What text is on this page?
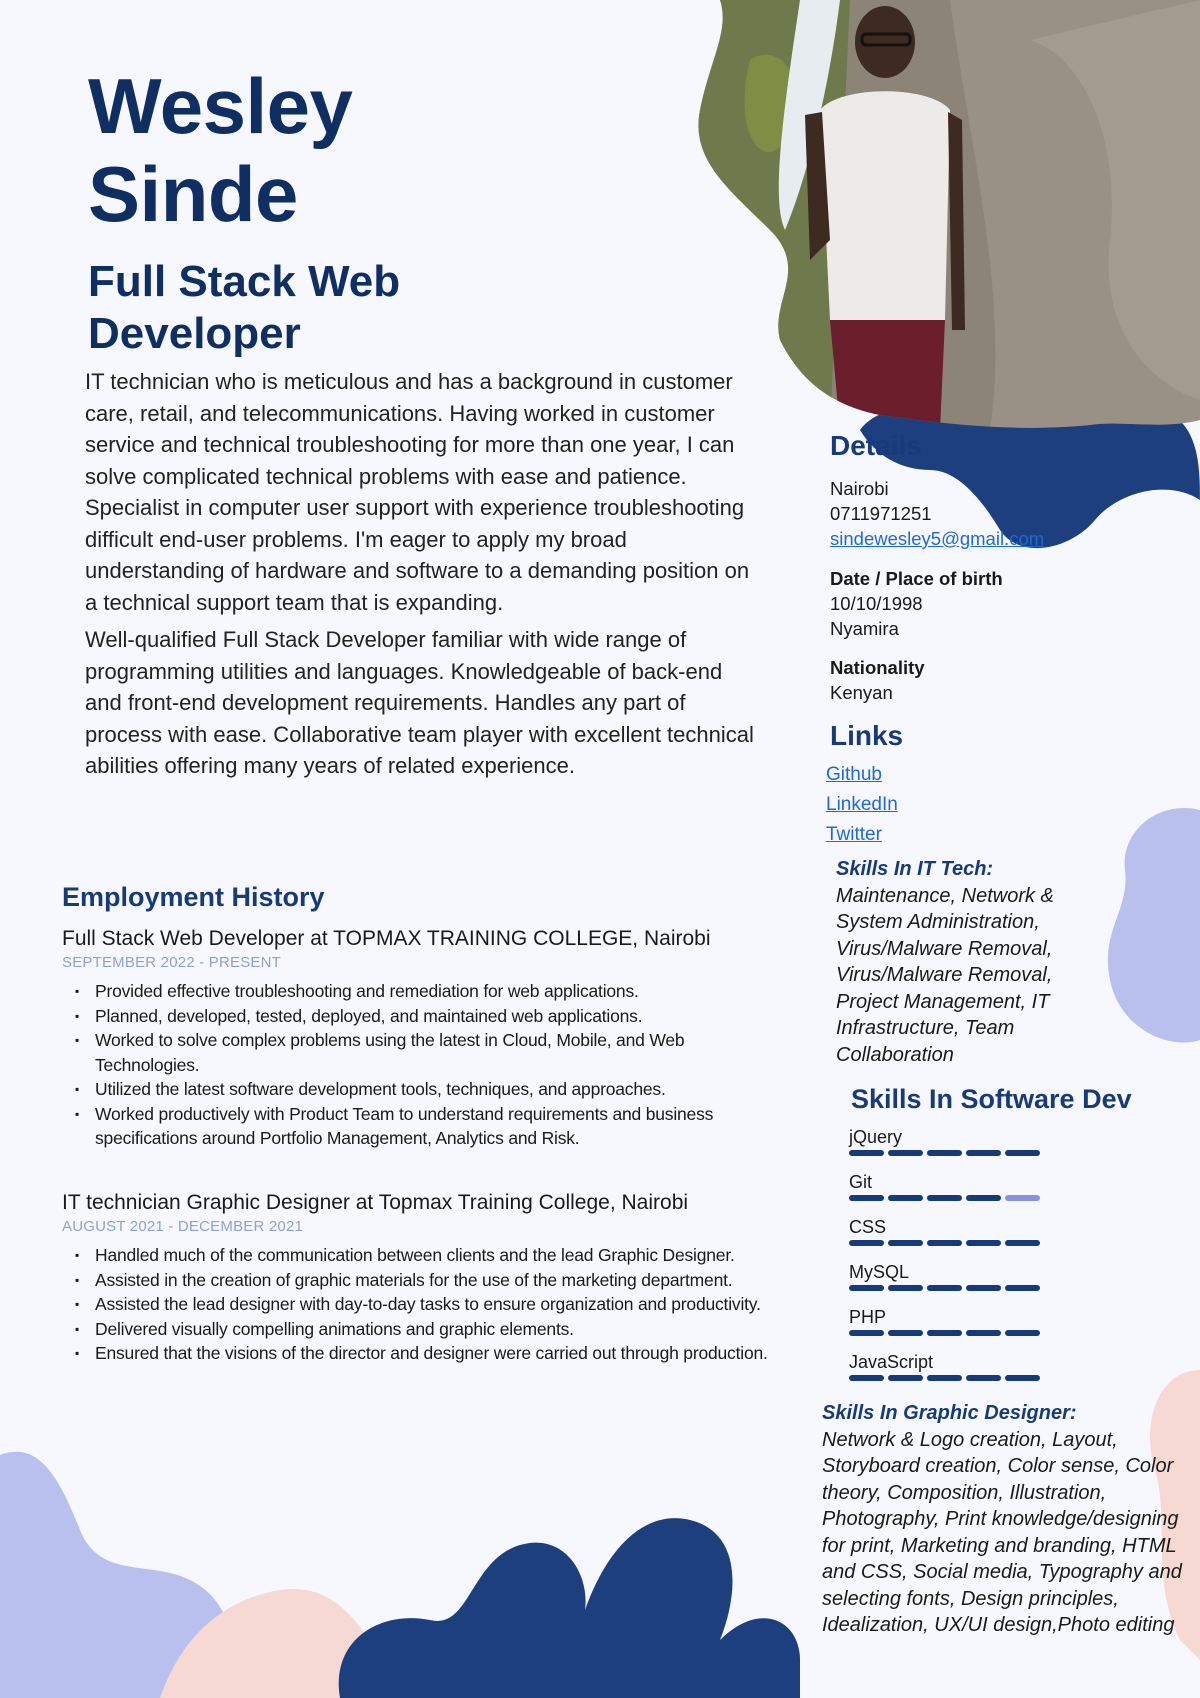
Wesley
Sinde
Full Stack Web
Developer

IT technician who is meticulous and has a background in customer care, retail, and telecommunications. Having worked in customer service and technical troubleshooting for more than one year, I can solve complicated technical problems with ease and patience. Specialist in computer user support with experience troubleshooting difficult end-user problems. I'm eager to apply my broad understanding of hardware and software to a demanding position on a technical support team that is expanding.

Well-qualified Full Stack Developer familiar with wide range of programming utilities and languages. Knowledgeable of back-end and front-end development requirements. Handles any part of process with ease. Collaborative team player with excellent technical abilities offering many years of related experience.

Employment History

Full Stack Web Developer at TOPMAX TRAINING COLLEGE, Nairobi

SEPTEMBER 2022 - PRESENT

▪ Provided effective troubleshooting and remediation for web applications.
▪ Planned, developed, tested, deployed, and maintained web applications.
▪ Worked to solve complex problems using the latest in Cloud, Mobile, and Web Technologies.
▪ Utilized the latest software development tools, techniques, and approaches.
▪ Worked productively with Product Team to understand requirements and business specifications around Portfolio Management, Analytics and Risk.

IT technician Graphic Designer at Topmax Training College, Nairobi

AUGUST 2021 - DECEMBER 2021

▪ Handled much of the communication between clients and the lead Graphic Designer.
▪ Assisted in the creation of graphic materials for the use of the marketing department.
▪ Assisted the lead designer with day-to-day tasks to ensure organization and productivity.
▪ Delivered visually compelling animations and graphic elements.
▪ Ensured that the visions of the director and designer were carried out through production.
Details
Nairobi
0711971251
sindewesley5@gmail.com
Date / Place of birth
10/10/1998
Nyamira
Nationality
Kenyan
Links
Github
LinkedIn
Twitter
Skills In IT Tech:
Maintenance, Network & System Administration, Virus/Malware Removal, Virus/Malware Removal, Project Management, IT Infrastructure, Team Collaboration
Skills In Software Dev
jQuery
Git
CSS
MySQL
PHP
JavaScript
Skills In Graphic Designer:
Network & Logo creation, Layout, Storyboard creation, Color sense, Color theory, Composition, Illustration, Photography, Print knowledge/designing for print, Marketing and branding, HTML and CSS, Social media, Typography and selecting fonts, Design principles, Idealization, UX/UI design,Photo editing
